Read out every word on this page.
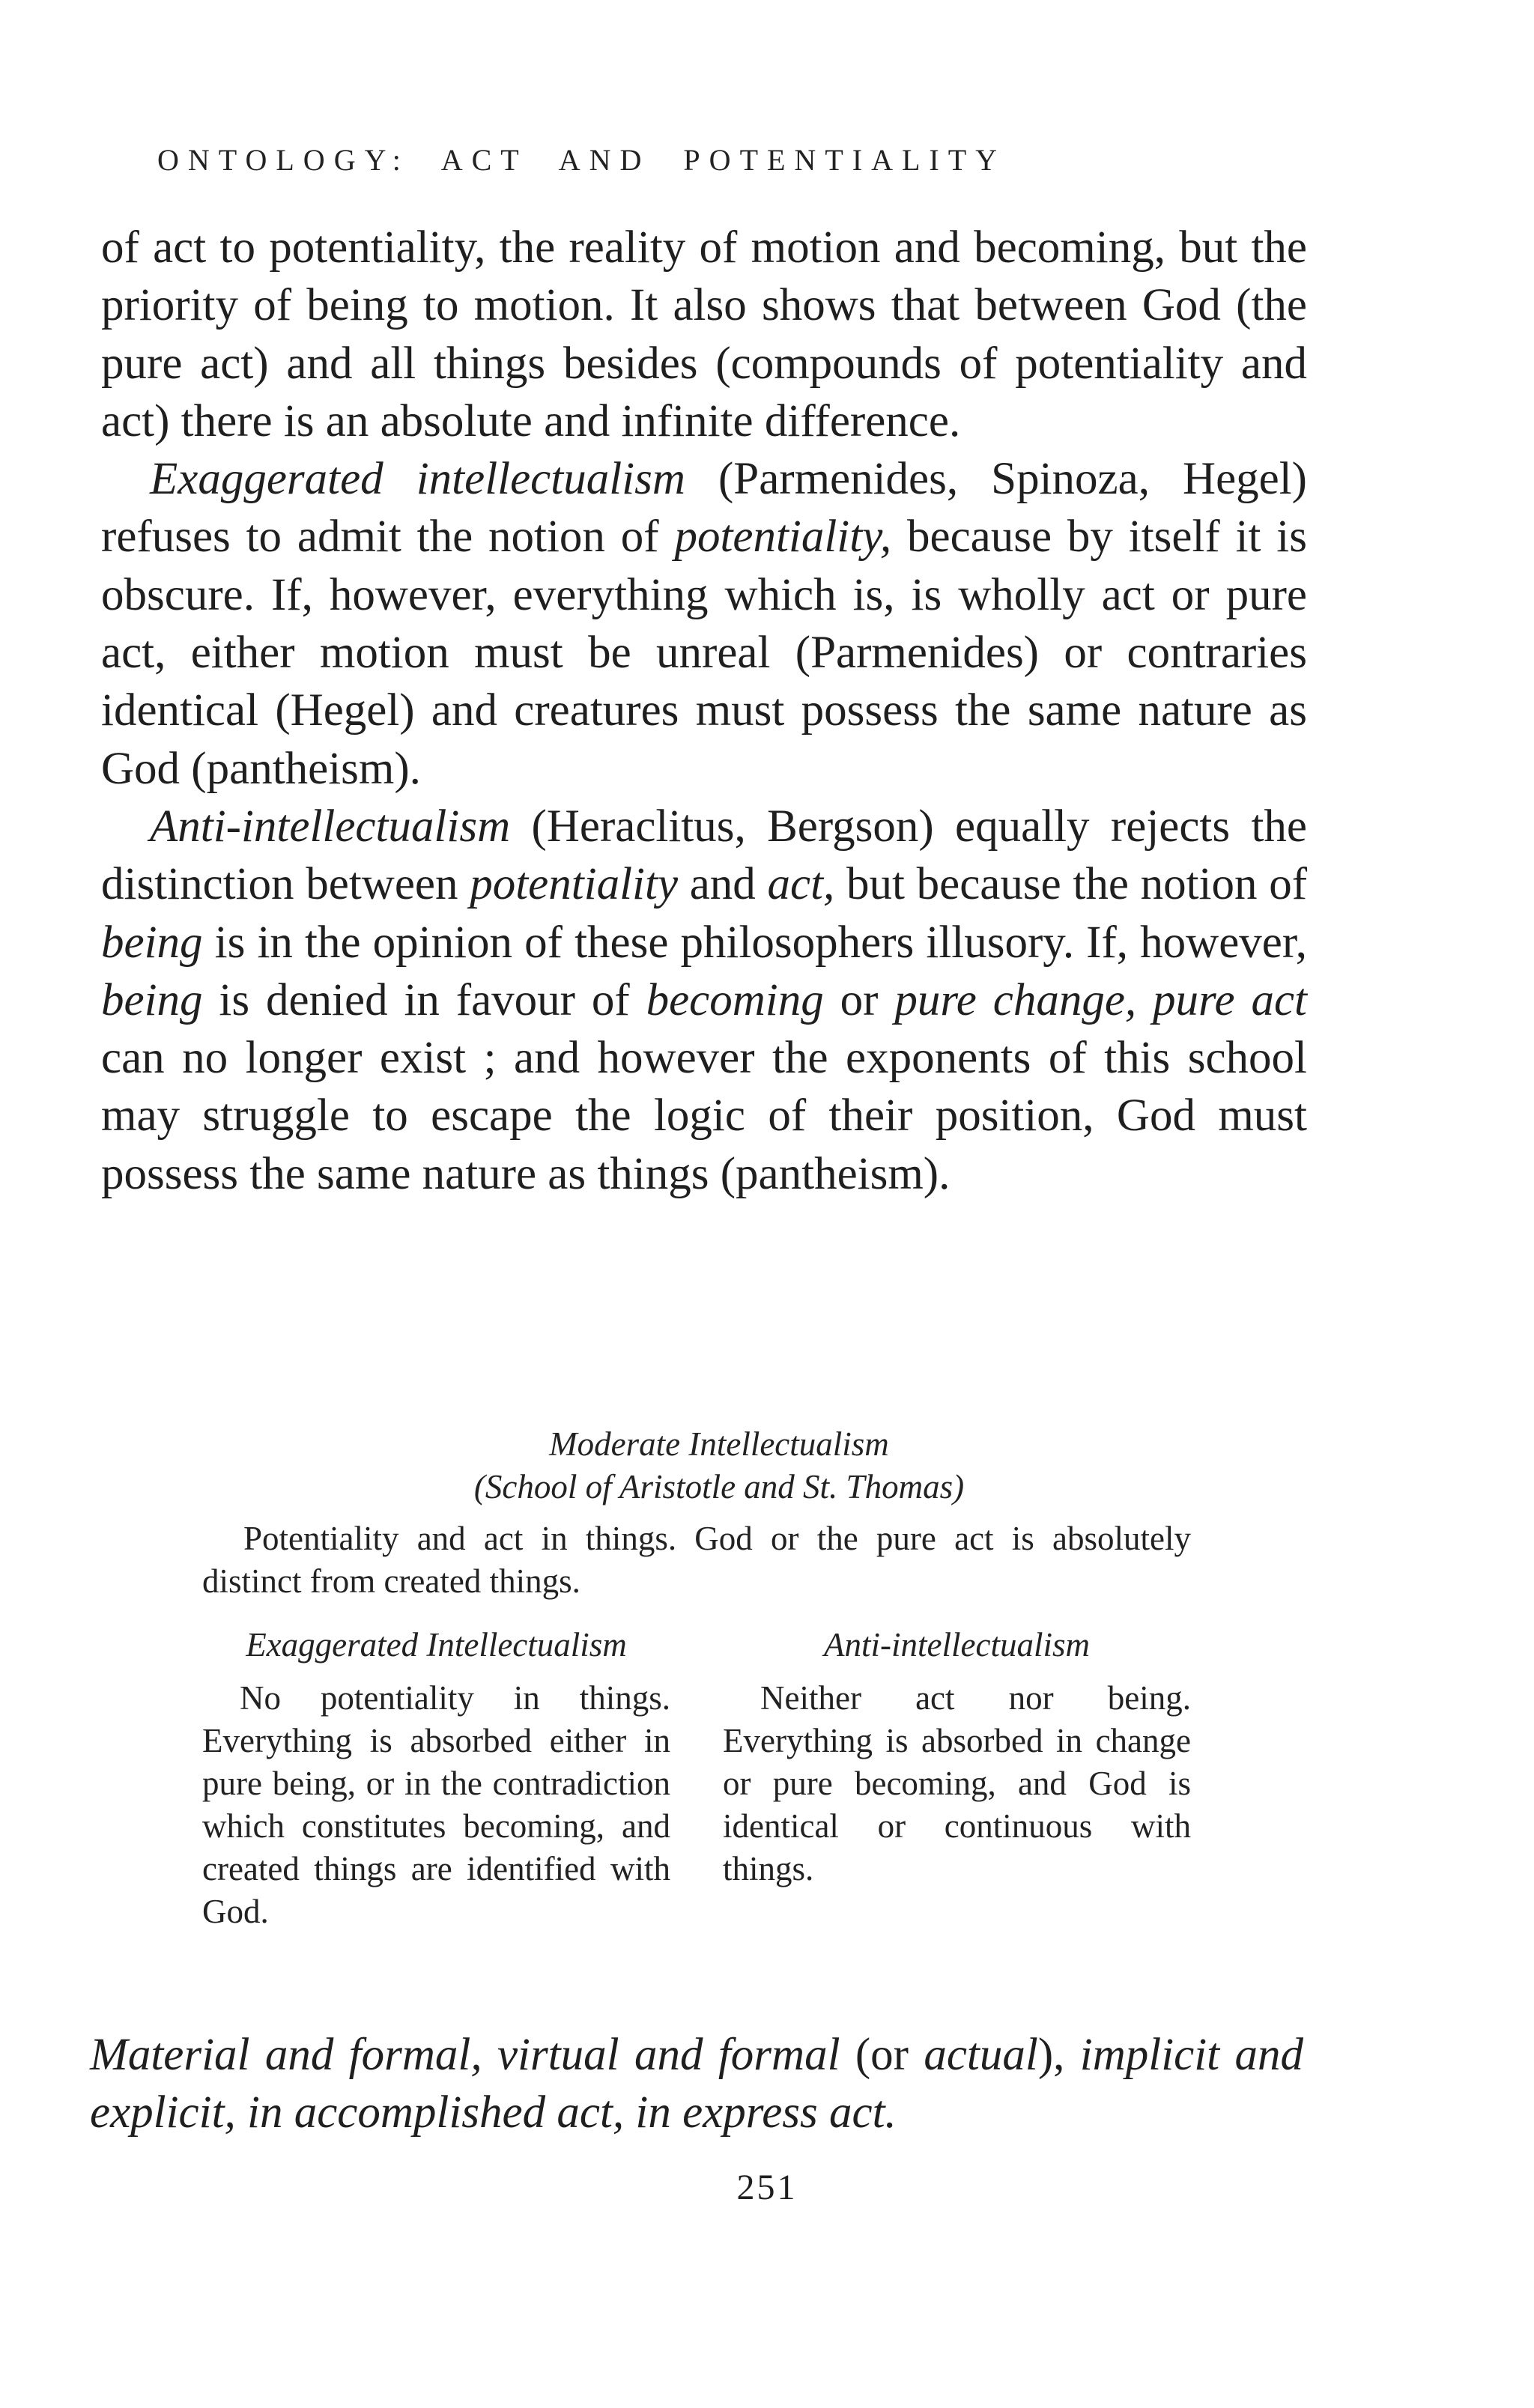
ONTOLOGY: ACT AND POTENTIALITY

of act to potentiality, the reality of motion and becoming, but the priority of being to motion. It also shows that between God (the pure act) and all things besides (compounds of potentiality and act) there is an absolute and infinite difference.

Exaggerated intellectualism (Parmenides, Spinoza, Hegel) refuses to admit the notion of potentiality, because by itself it is obscure. If, however, everything which is, is wholly act or pure act, either motion must be unreal (Parmenides) or contraries identical (Hegel) and creatures must possess the same nature as God (pantheism).

Anti-intellectualism (Heraclitus, Bergson) equally rejects the distinction between potentiality and act, but because the notion of being is in the opinion of these philosophers illusory. If, however, being is denied in favour of becoming or pure change, pure act can no longer exist ; and however the exponents of this school may struggle to escape the logic of their position, God must possess the same nature as things (pantheism).

Moderate Intellectualism

(School of Aristotle and St. Thomas)

Potentiality and act in things. God or the pure act is absolutely distinct from created things.

Exaggerated Intellectualism

No potentiality in things. Everything is absorbed either in pure being, or in the contradiction which constitutes becoming, and created things are identified with God.

Anti-intellectualism

Neither act nor being. Everything is absorbed in change or pure becoming, and God is identical or continuous with things.

Material and formal, virtual and formal (or actual), implicit and explicit, in accomplished act, in express act.

251
